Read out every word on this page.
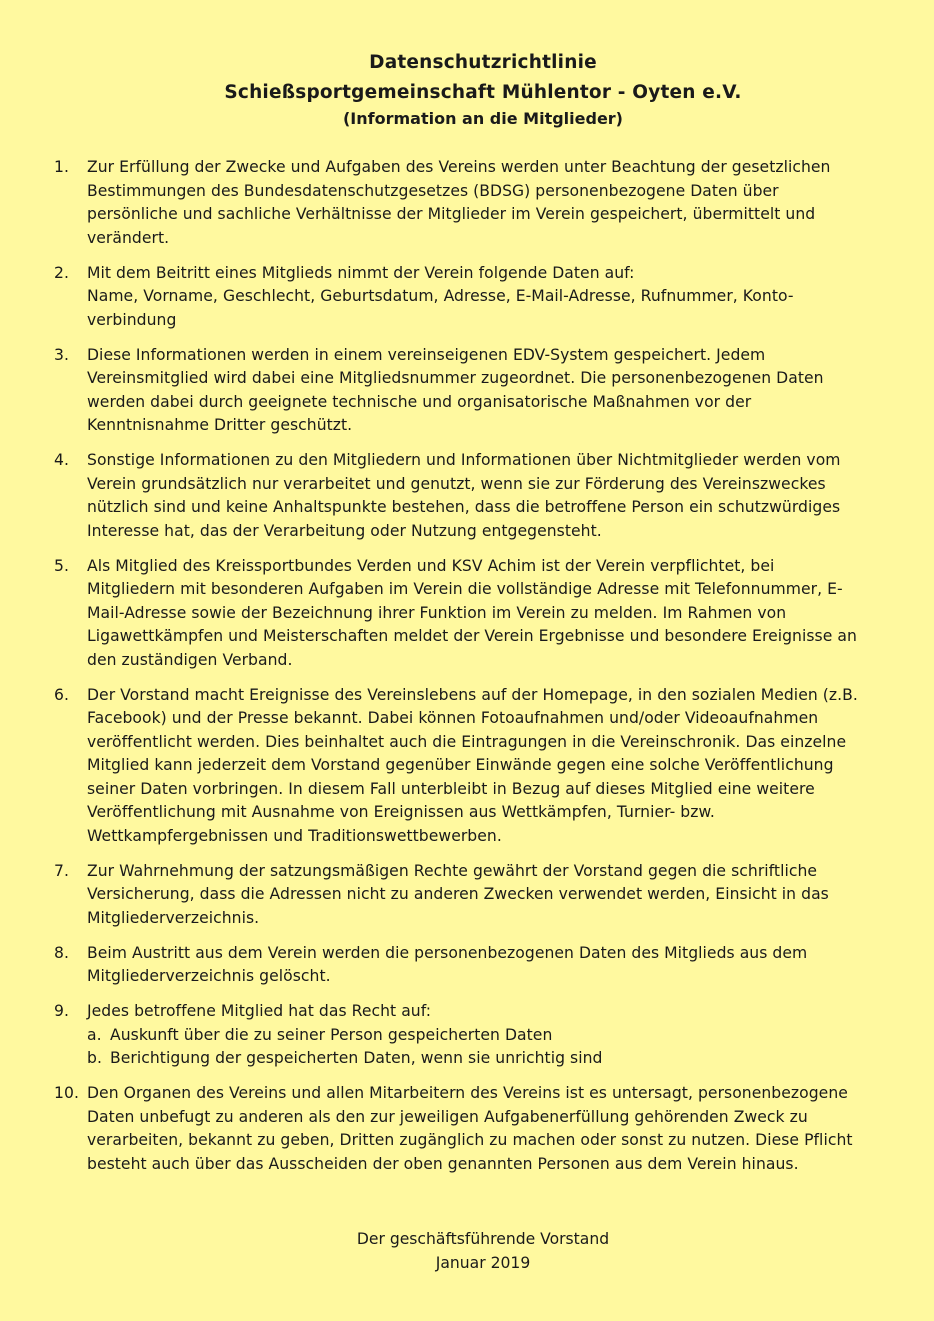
Datenschutzrichtlinie
Schießsportgemeinschaft Mühlentor - Oyten e.V.
(Information an die Mitglieder)
1. Zur Erfüllung der Zwecke und Aufgaben des Vereins werden unter Beachtung der gesetzlichen Bestimmungen des Bundesdatenschutzgesetzes (BDSG) personenbezogene Daten über persönliche und sachliche Verhältnisse der Mitglieder im Verein gespeichert, übermittelt und verändert.
2. Mit dem Beitritt eines Mitglieds nimmt der Verein folgende Daten auf:
Name, Vorname, Geschlecht, Geburtsdatum, Adresse, E-Mail-Adresse, Rufnummer, Konto-verbindung
3. Diese Informationen werden in einem vereinseigenen EDV-System gespeichert. Jedem Vereinsmitglied wird dabei eine Mitgliedsnummer zugeordnet. Die personenbezogenen Daten werden dabei durch geeignete technische und organisatorische Maßnahmen vor der Kenntnisnahme Dritter geschützt.
4. Sonstige Informationen zu den Mitgliedern und Informationen über Nichtmitglieder werden vom Verein grundsätzlich nur verarbeitet und genutzt, wenn sie zur Förderung des Vereinszweckes nützlich sind und keine Anhaltspunkte bestehen, dass die betroffene Person ein schutzwürdiges Interesse hat, das der Verarbeitung oder Nutzung entgegensteht.
5. Als Mitglied des Kreissportbundes Verden und KSV Achim ist der Verein verpflichtet, bei Mitgliedern mit besonderen Aufgaben im Verein die vollständige Adresse mit Telefonnummer, E-Mail-Adresse sowie der Bezeichnung ihrer Funktion im Verein zu melden. Im Rahmen von Ligawettkämpfen und Meisterschaften meldet der Verein Ergebnisse und besondere Ereignisse an den zuständigen Verband.
6. Der Vorstand macht Ereignisse des Vereinslebens auf der Homepage, in den sozialen Medien (z.B. Facebook) und der Presse bekannt. Dabei können Fotoaufnahmen und/oder Videoaufnahmen veröffentlicht werden. Dies beinhaltet auch die Eintragungen in die Vereinschronik. Das einzelne Mitglied kann jederzeit dem Vorstand gegenüber Einwände gegen eine solche Veröffentlichung seiner Daten vorbringen. In diesem Fall unterbleibt in Bezug auf dieses Mitglied eine weitere Veröffentlichung mit Ausnahme von Ereignissen aus Wettkämpfen, Turnier- bzw. Wettkampfergebnissen und Traditionswettbewerben.
7. Zur Wahrnehmung der satzungsmäßigen Rechte gewährt der Vorstand gegen die schriftliche Versicherung, dass die Adressen nicht zu anderen Zwecken verwendet werden, Einsicht in das Mitgliederverzeichnis.
8. Beim Austritt aus dem Verein werden die personenbezogenen Daten des Mitglieds aus dem Mitgliederverzeichnis gelöscht.
9. Jedes betroffene Mitglied hat das Recht auf:
a. Auskunft über die zu seiner Person gespeicherten Daten
b. Berichtigung der gespeicherten Daten, wenn sie unrichtig sind
10. Den Organen des Vereins und allen Mitarbeitern des Vereins ist es untersagt, personenbezogene Daten unbefugt zu anderen als den zur jeweiligen Aufgabenerfüllung gehörenden Zweck zu verarbeiten, bekannt zu geben, Dritten zugänglich zu machen oder sonst zu nutzen. Diese Pflicht besteht auch über das Ausscheiden der oben genannten Personen aus dem Verein hinaus.
Der geschäftsführende Vorstand
Januar 2019
